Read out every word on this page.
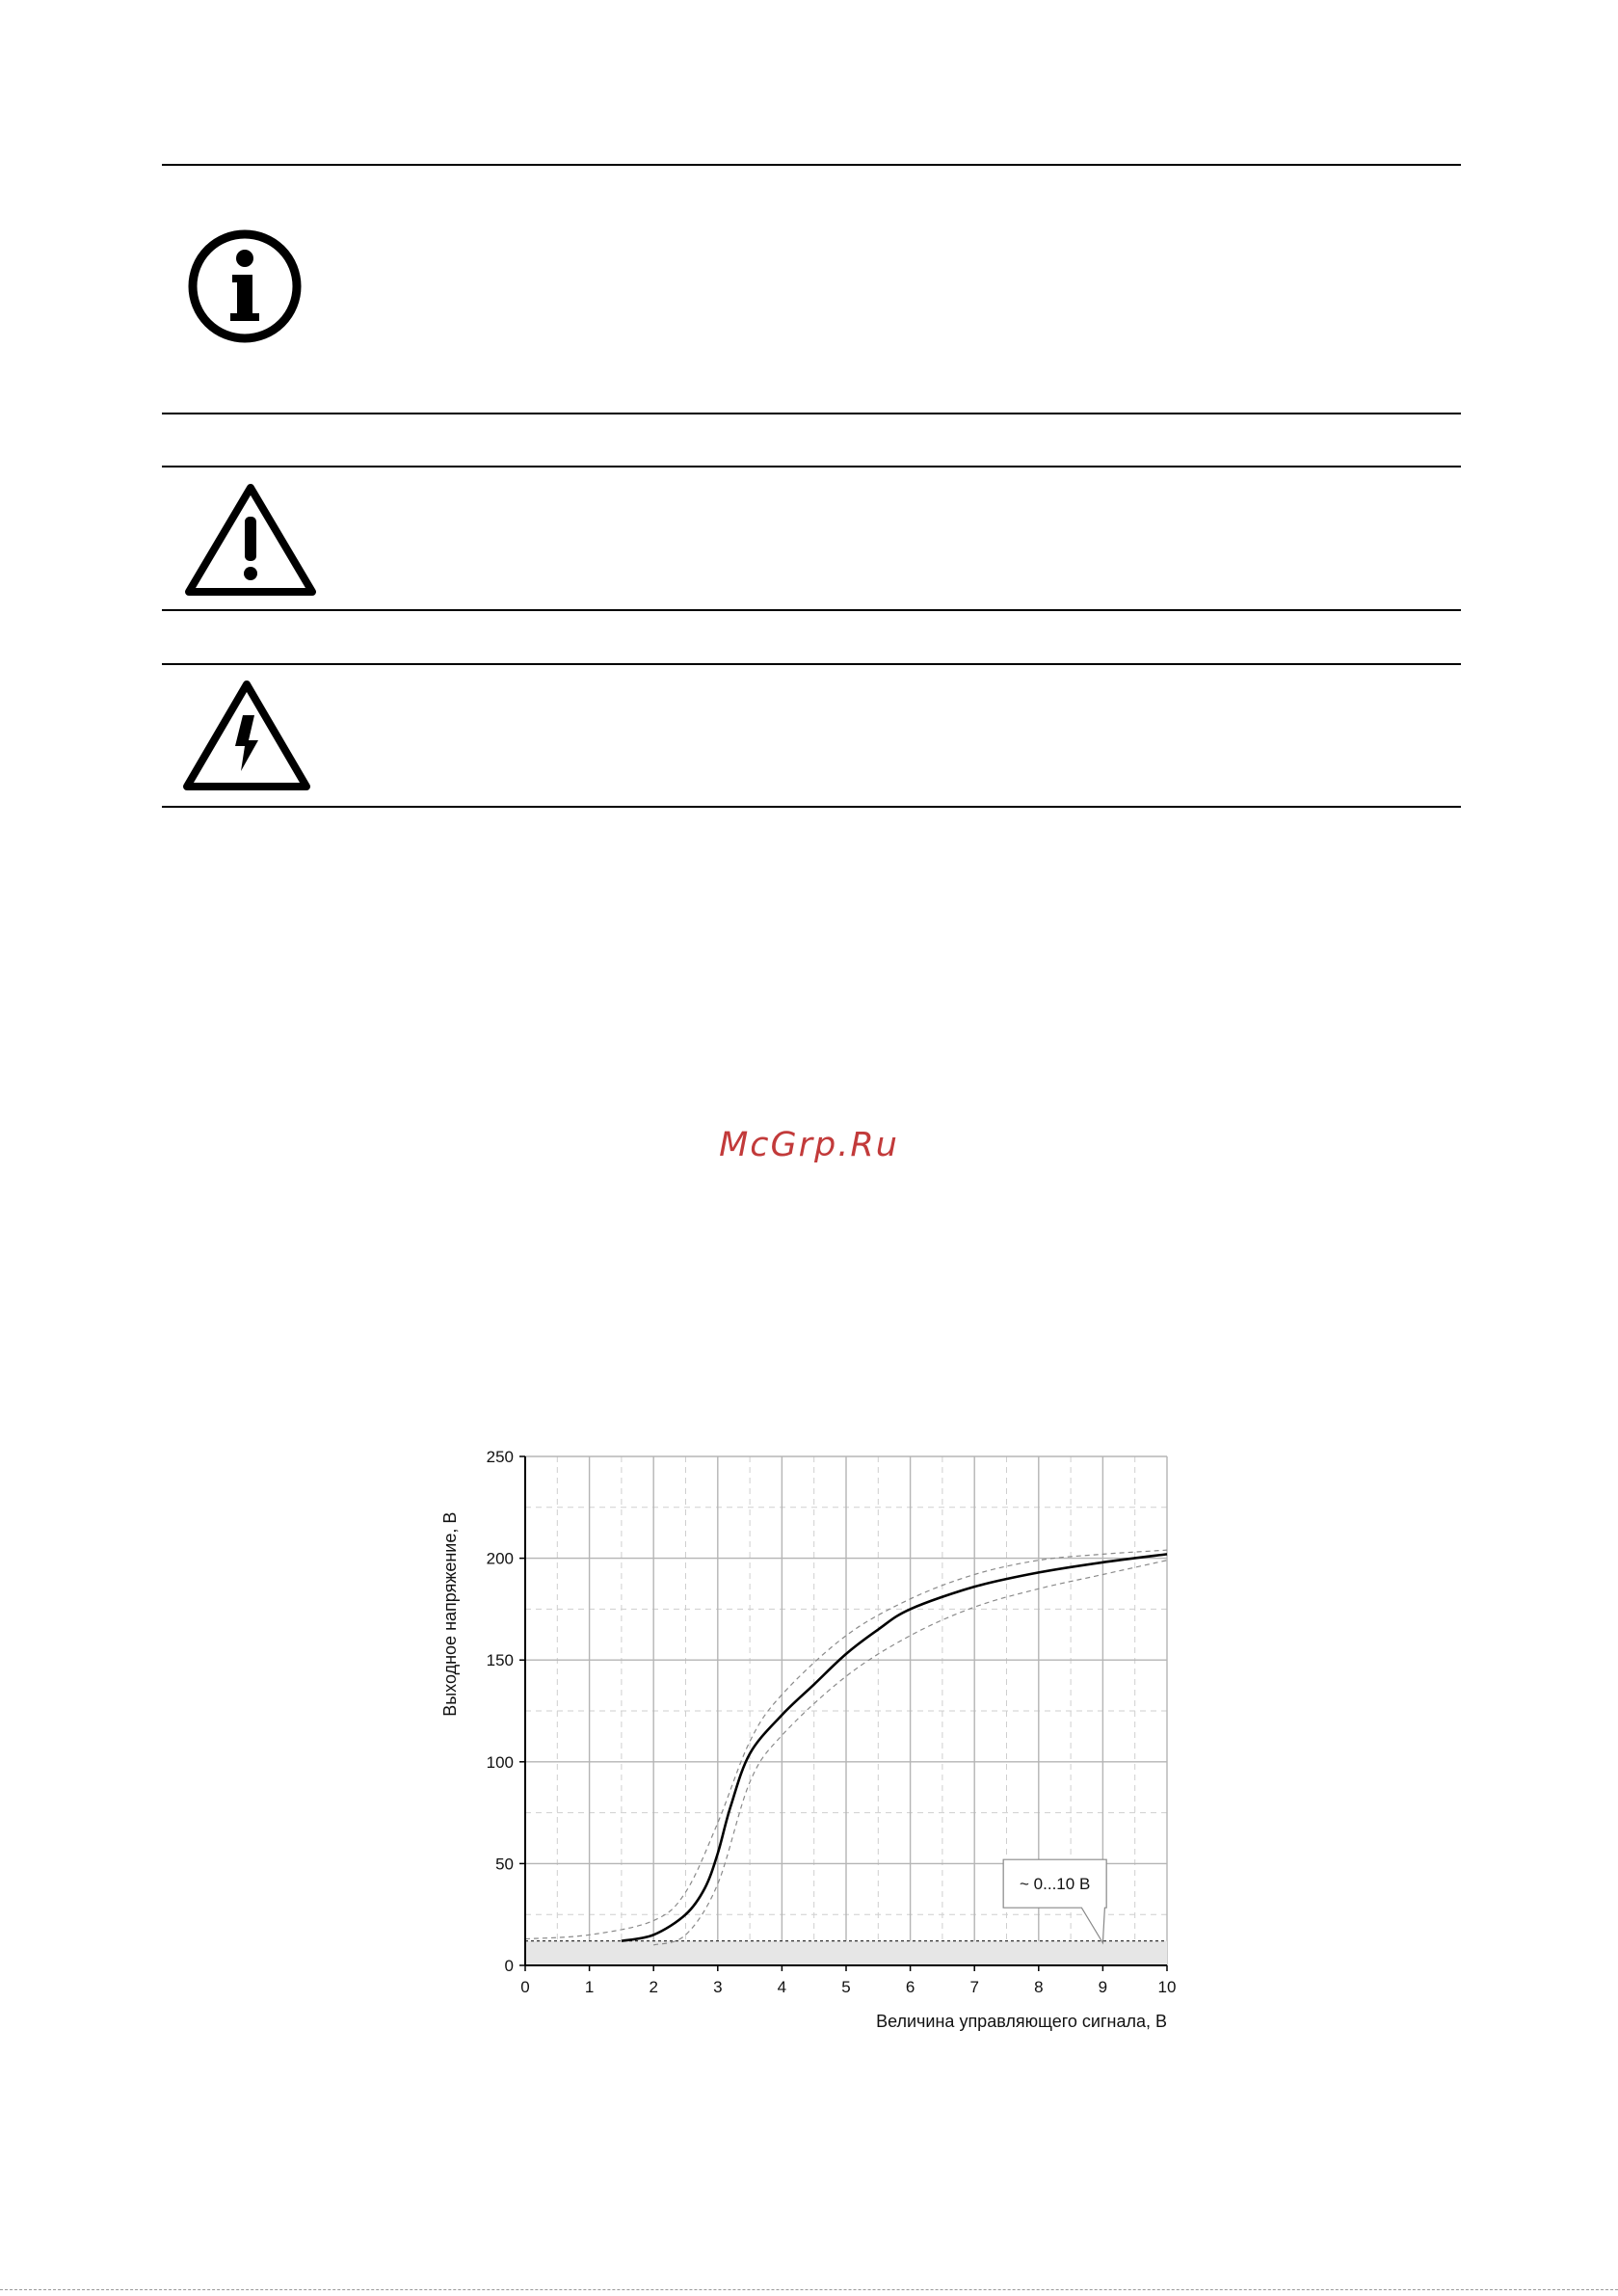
McGrp.Ru
0	1	2	3	4	5	6	7	8	9	10
0
50
100
150
200
250
~ 0...10 В
Величина управляющего сигнала, В
Выходное напряжение, В
